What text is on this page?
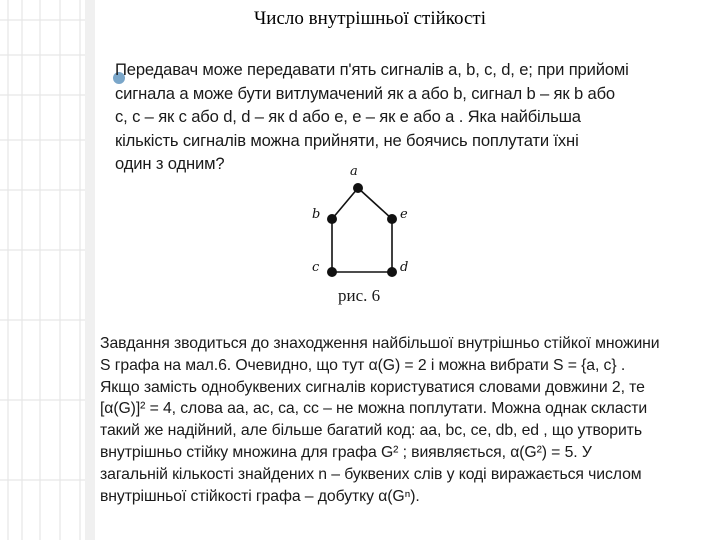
Число внутрішньої стійкості
Передавач може передавати п'ять сигналів a, b, c, d, e; при прийомі
сигнала a може бути витлумачений як a або b, сигнал b – як b або
c, c – як c або d, d – як d або e, e – як e або a . Яка найбільша
кількість сигналів можна прийняти, не боячись поплутати їхні
один з одним?	a
b
c	d
e
рис. 6
Завдання зводиться до знаходження найбільшої внутрішньо стійкої множини
S графа на мал.6. Очевидно, що тут α(G) = 2 і можна вибрати S = {a, c} .
Якщо замість однобуквених сигналів користуватися словами довжини 2, те
[α(G)]² = 4, слова aa, ac, ca, cc – не можна поплутати. Можна однак скласти
такий же надійний, але більше багатий код: aa, bc, ce, db, ed , що утворить
внутрішньо стійку множина для графа G² ; виявляється, α(G²) = 5. У
загальній кількості знайдених n – буквених слів у коді виражається числом
внутрішньої стійкості графа – добутку α(Gⁿ).
